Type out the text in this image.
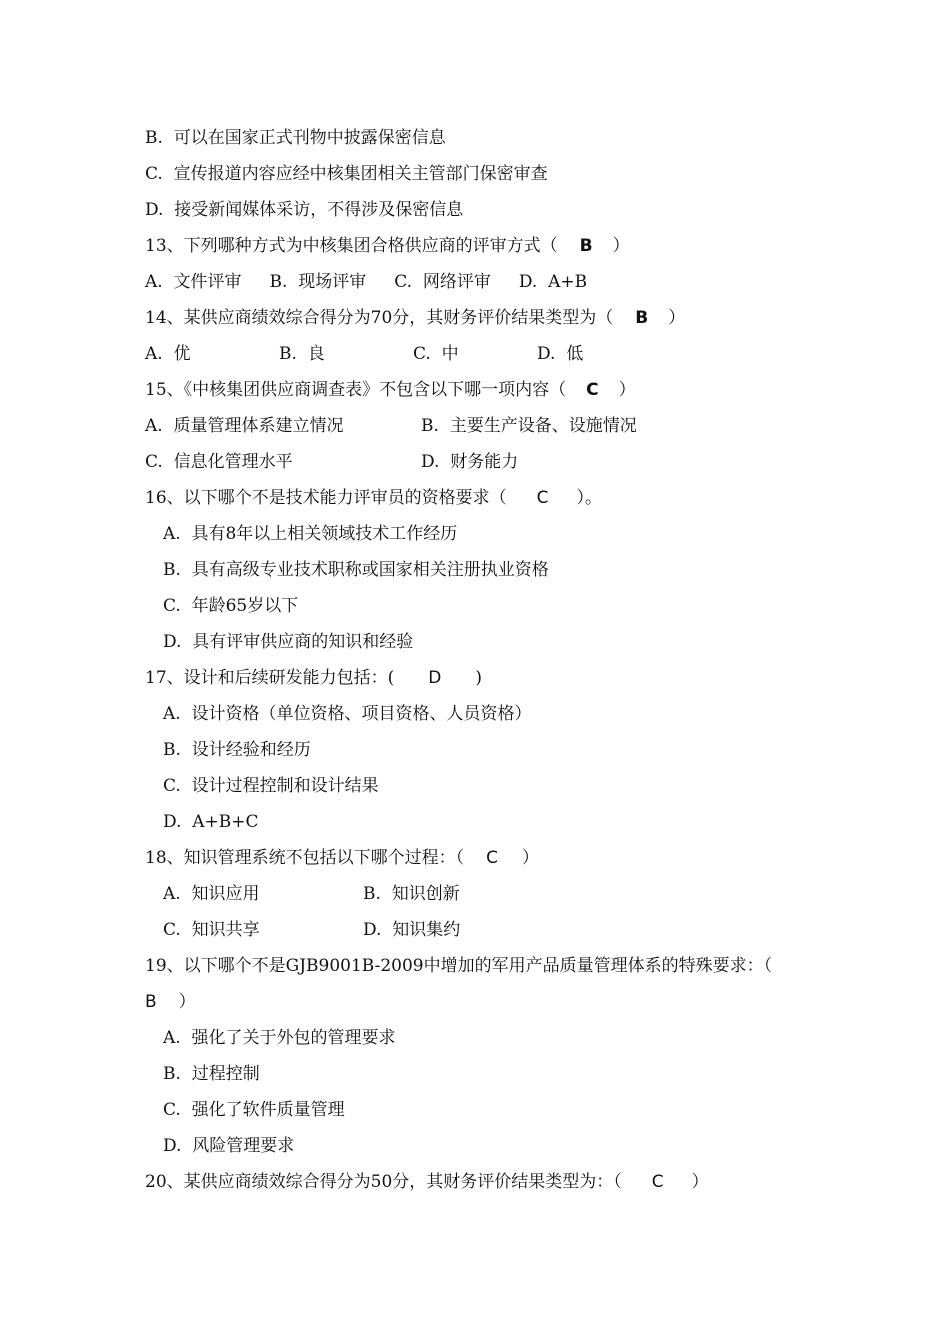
B.  可以在国家正式刊物中披露保密信息
C.  宣传报道内容应经中核集团相关主管部门保密审查
D.  接受新闻媒体采访，不得涉及保密信息
13、下列哪种方式为中核集团合格供应商的评审方式（ B ）
A.  文件评审 B.  现场评审 C.  网络评审 D.  A+B
14、某供应商绩效综合得分为70分，其财务评价结果类型为（ B ）
A.  优	B.  良	C.  中	D.  低
15、《中核集团供应商调查表》不包含以下哪一项内容（ C ）
A.  质量管理体系建立情况	B.  主要生产设备、设施情况
C.  信息化管理水平	D.  财务能力
16、以下哪个不是技术能力评审员的资格要求（ C ）。
A.  具有8年以上相关领域技术工作经历
B.  具有高级专业技术职称或国家相关注册执业资格
C.  年龄65岁以下
D.  具有评审供应商的知识和经验
17、设计和后续研发能力包括：( D )
A.  设计资格（单位资格、项目资格、人员资格）
B.  设计经验和经历
C.  设计过程控制和设计结果
D.  A+B+C
18、知识管理系统不包括以下哪个过程：（ C ）
A.  知识应用	B.  知识创新
C.  知识共享	D.  知识集约
19、以下哪个不是GJB9001B-2009中增加的军用产品质量管理体系的特殊要求：（
B ）
A.  强化了关于外包的管理要求
B.  过程控制
C.  强化了软件质量管理
D.  风险管理要求
20、某供应商绩效综合得分为50分，其财务评价结果类型为：（ C ）
